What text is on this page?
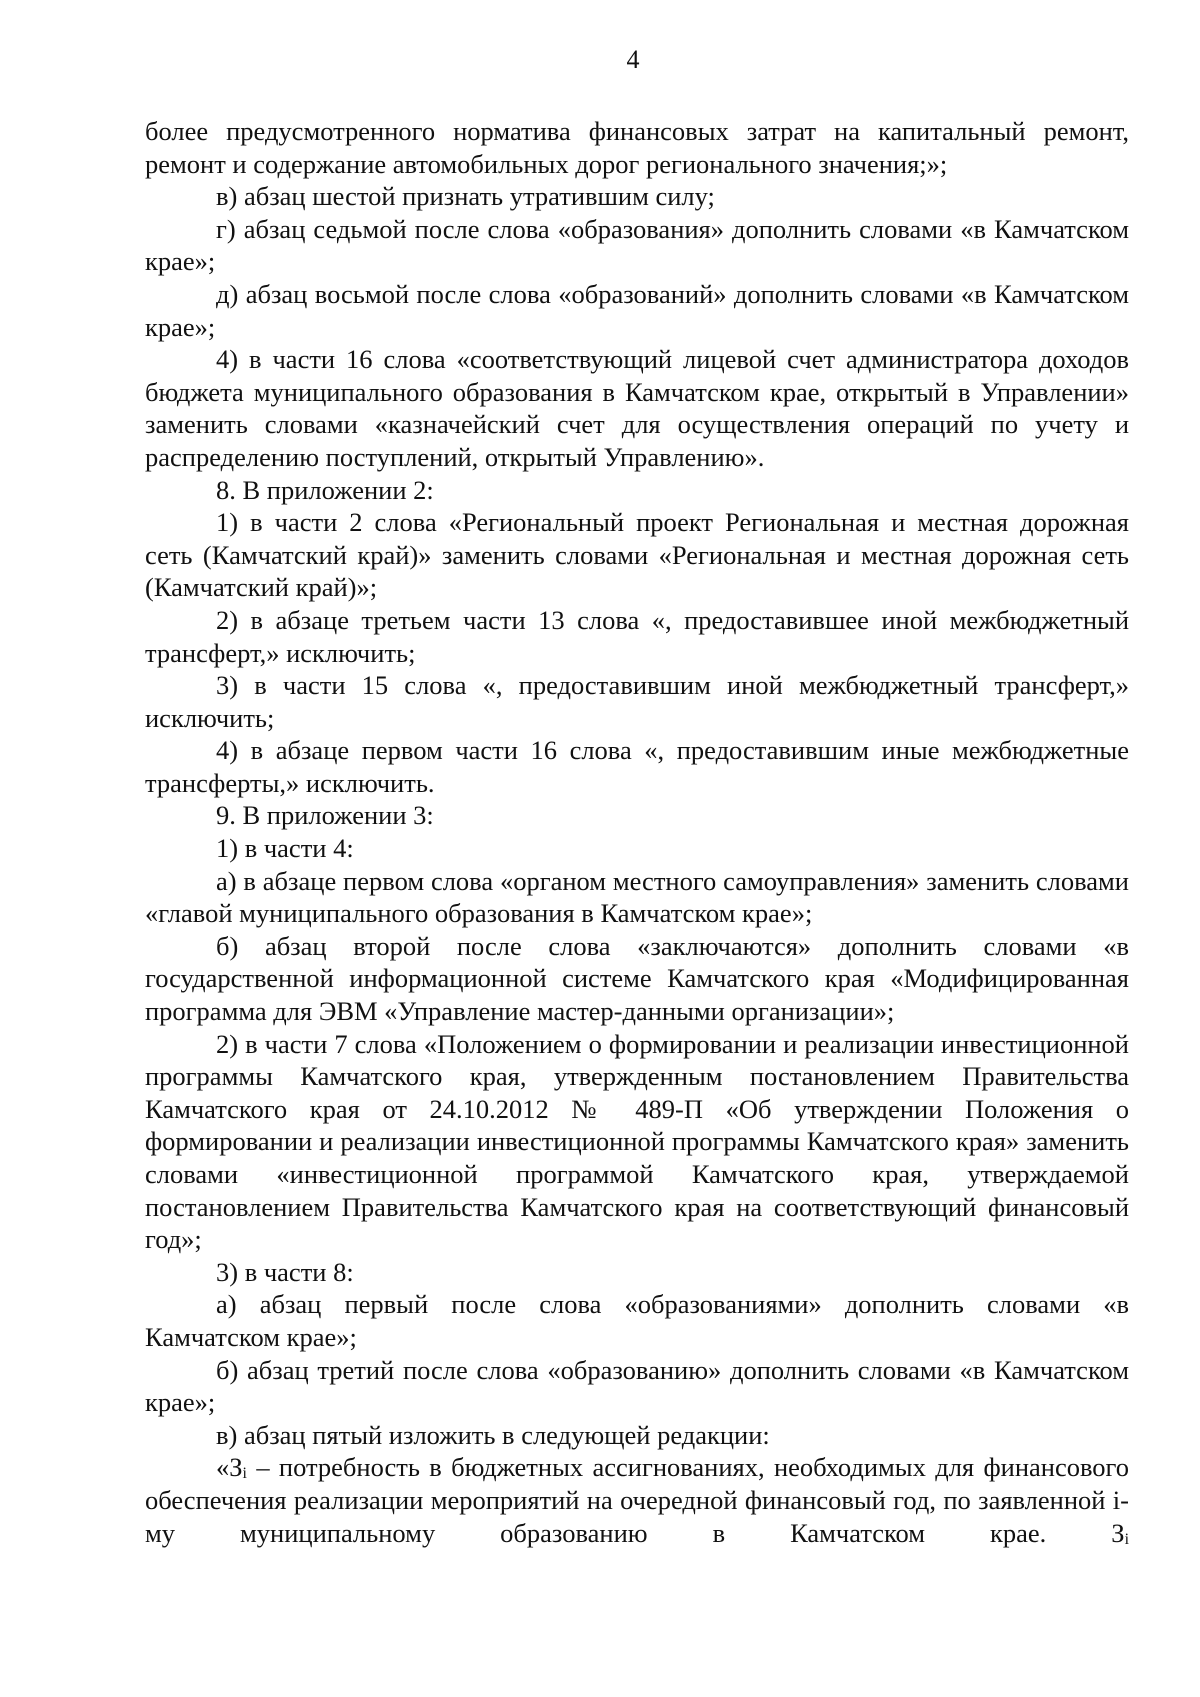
4

более предусмотренного норматива финансовых затрат на капитальный ремонт, ремонт и содержание автомобильных дорог регионального значения;»;

в) абзац шестой признать утратившим силу;

г) абзац седьмой после слова «образования» дополнить словами «в Камчатском крае»;

д) абзац восьмой после слова «образований» дополнить словами «в Камчатском крае»;

4) в части 16 слова «соответствующий лицевой счет администратора доходов бюджета муниципального образования в Камчатском крае, открытый в Управлении» заменить словами «казначейский счет для осуществления операций по учету и распределению поступлений, открытый Управлению».

8. В приложении 2:

1) в части 2 слова «Региональный проект Региональная и местная дорожная сеть (Камчатский край)» заменить словами «Региональная и местная дорожная сеть (Камчатский край)»;

2) в абзаце третьем части 13 слова «, предоставившее иной межбюджетный трансферт,» исключить;

3) в части 15 слова «, предоставившим иной межбюджетный трансферт,» исключить;

4) в абзаце первом части 16 слова «, предоставившим иные межбюджетные трансферты,» исключить.

9. В приложении 3:

1) в части 4:

а) в абзаце первом слова «органом местного самоуправления» заменить словами «главой муниципального образования в Камчатском крае»;

б) абзац второй после слова «заключаются» дополнить словами «в государственной информационной системе Камчатского края «Модифицированная программа для ЭВМ «Управление мастер-данными организации»;

2) в части 7 слова «Положением о формировании и реализации инвестиционной программы Камчатского края, утвержденным постановлением Правительства Камчатского края от 24.10.2012 № 489-П «Об утверждении Положения о формировании и реализации инвестиционной программы Камчатского края» заменить словами «инвестиционной программой Камчатского края, утверждаемой постановлением Правительства Камчатского края на соответствующий финансовый год»;

3) в части 8:

а) абзац первый после слова «образованиями» дополнить словами «в Камчатском крае»;

б) абзац третий после слова «образованию» дополнить словами «в Камчатском крае»;

в) абзац пятый изложить в следующей редакции:

«$З_i$ – потребность в бюджетных ассигнованиях, необходимых для финансового обеспечения реализации мероприятий на очередной финансовый год, по заявленной i-му муниципальному образованию в Камчатском крае. $З_i$
